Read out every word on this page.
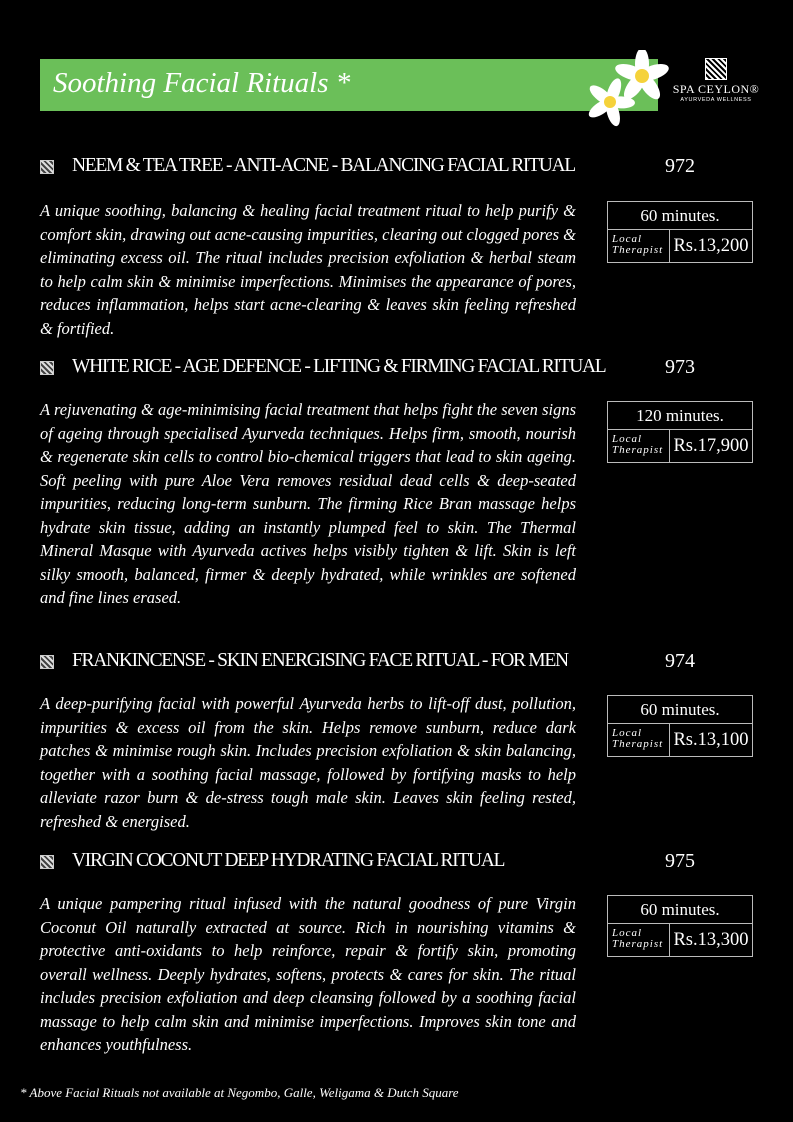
Soothing Facial Rituals *	SPA CEYLON®
AYURVEDA WELLNESS
NEEM & TEA TREE - ANTI-ACNE - BALANCING FACIAL RITUAL	972

A unique soothing, balancing & healing facial treatment ritual to help purify & comfort skin, drawing out acne-causing impurities, clearing out clogged pores & eliminating excess oil. The ritual includes precision exfoliation & herbal steam to help calm skin & minimise imperfections. Minimises the appearance of pores, reduces inflammation, helps start acne-clearing & leaves skin feeling refreshed & fortified.

60 minutes.
Local Therapist Rs.13,200
WHITE RICE - AGE DEFENCE - LIFTING & FIRMING FACIAL RITUAL	973

A rejuvenating & age-minimising facial treatment that helps fight the seven signs of ageing through specialised Ayurveda techniques. Helps firm, smooth, nourish & regenerate skin cells to control bio-chemical triggers that lead to skin ageing. Soft peeling with pure Aloe Vera removes residual dead cells & deep-seated impurities, reducing long-term sunburn. The firming Rice Bran massage helps hydrate skin tissue, adding an instantly plumped feel to skin. The Thermal Mineral Masque with Ayurveda actives helps visibly tighten & lift. Skin is left silky smooth, balanced, firmer & deeply hydrated, while wrinkles are softened and fine lines erased.

120 minutes.
Local Therapist Rs.17,900
FRANKINCENSE - SKIN ENERGISING FACE RITUAL - FOR MEN	974

A deep-purifying facial with powerful Ayurveda herbs to lift-off dust, pollution, impurities & excess oil from the skin. Helps remove sunburn, reduce dark patches & minimise rough skin. Includes precision exfoliation & skin balancing, together with a soothing facial massage, followed by fortifying masks to help alleviate razor burn & de-stress tough male skin. Leaves skin feeling rested, refreshed & energised.

60 minutes.
Local Therapist Rs.13,100
VIRGIN COCONUT DEEP HYDRATING FACIAL RITUAL	975

A unique pampering ritual infused with the natural goodness of pure Virgin Coconut Oil naturally extracted at source. Rich in nourishing vitamins & protective anti-oxidants to help reinforce, repair & fortify skin, promoting overall wellness. Deeply hydrates, softens, protects & cares for skin. The ritual includes precision exfoliation and deep cleansing followed by a soothing facial massage to help calm skin and minimise imperfections. Improves skin tone and enhances youthfulness.

60 minutes.
Local Therapist Rs.13,300
* Above Facial Rituals not available at Negombo, Galle, Weligama & Dutch Square
